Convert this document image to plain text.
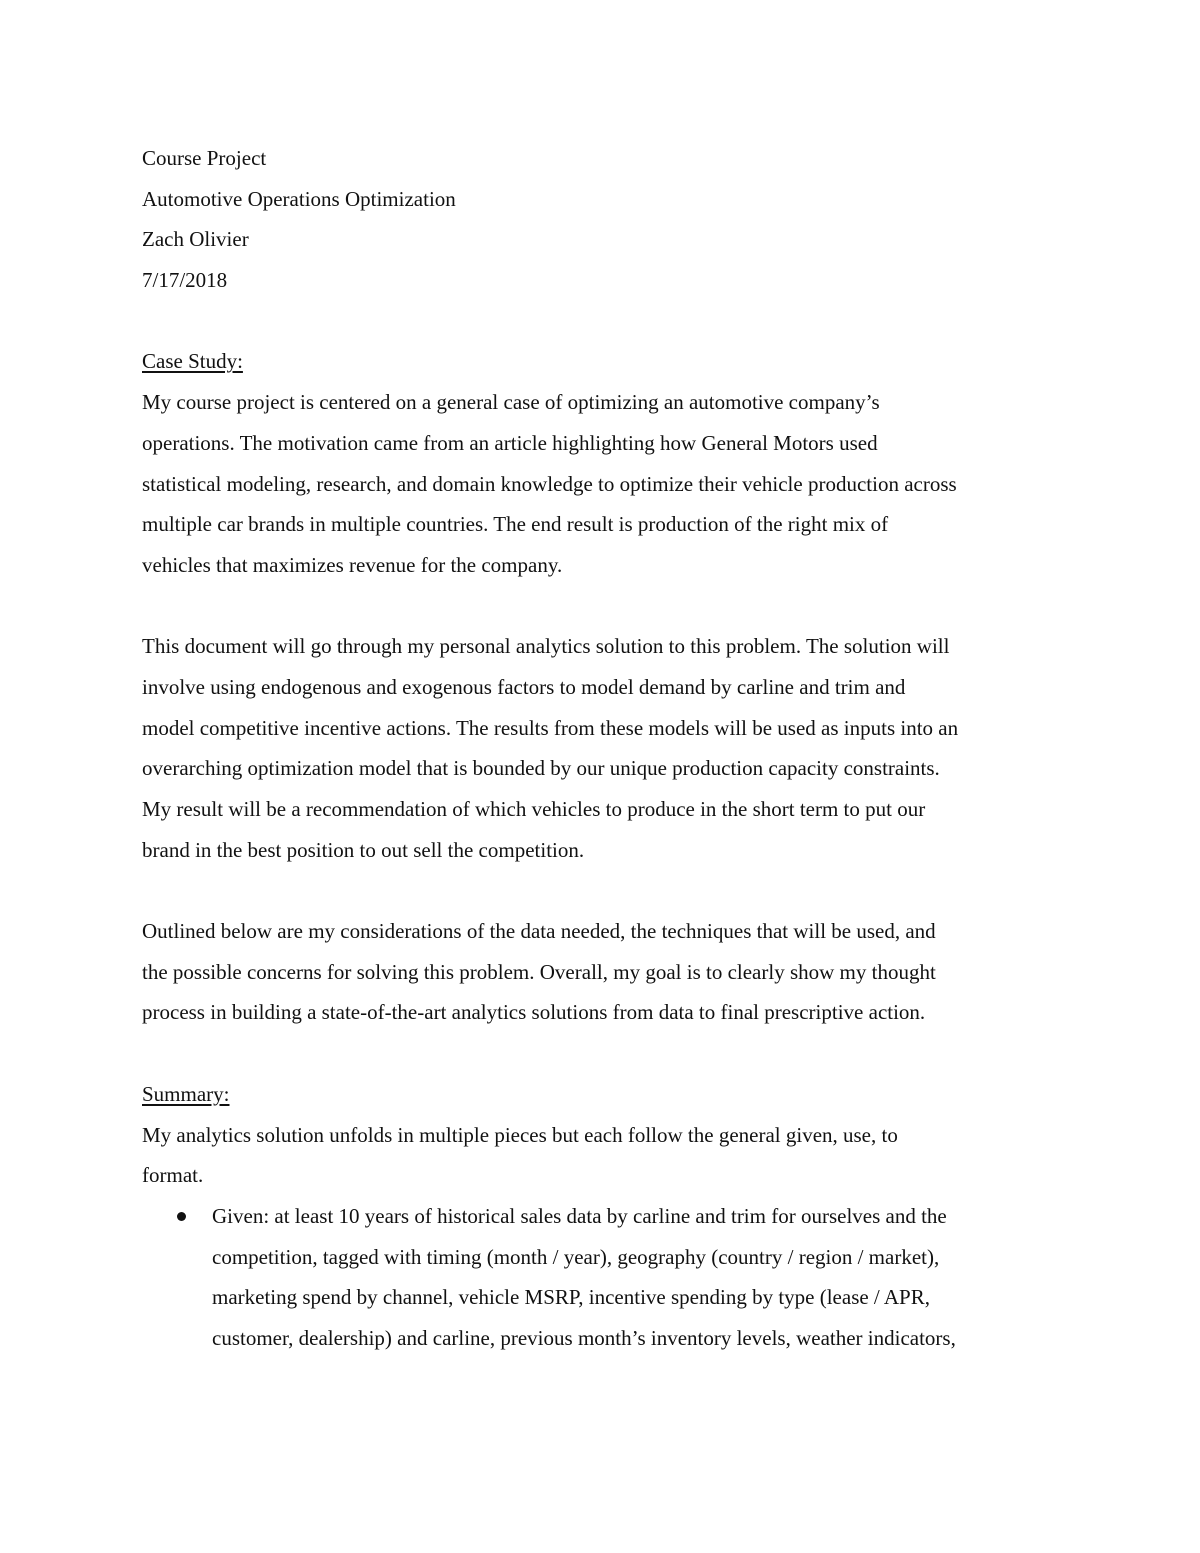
Course Project
Automotive Operations Optimization
Zach Olivier
7/17/2018
Case Study:
My course project is centered on a general case of optimizing an automotive company’s
operations. The motivation came from an article highlighting how General Motors used
statistical modeling, research, and domain knowledge to optimize their vehicle production across
multiple car brands in multiple countries. The end result is production of the right mix of
vehicles that maximizes revenue for the company.
This document will go through my personal analytics solution to this problem. The solution will
involve using endogenous and exogenous factors to model demand by carline and trim and
model competitive incentive actions. The results from these models will be used as inputs into an
overarching optimization model that is bounded by our unique production capacity constraints.
My result will be a recommendation of which vehicles to produce in the short term to put our
brand in the best position to out sell the competition.
Outlined below are my considerations of the data needed, the techniques that will be used, and
the possible concerns for solving this problem. Overall, my goal is to clearly show my thought
process in building a state-of-the-art analytics solutions from data to final prescriptive action.
Summary:
My analytics solution unfolds in multiple pieces but each follow the general given, use, to
format.
Given: at least 10 years of historical sales data by carline and trim for ourselves and the
competition, tagged with timing (month / year), geography (country / region / market),
marketing spend by channel, vehicle MSRP, incentive spending by type (lease / APR,
customer, dealership) and carline, previous month’s inventory levels, weather indicators,
